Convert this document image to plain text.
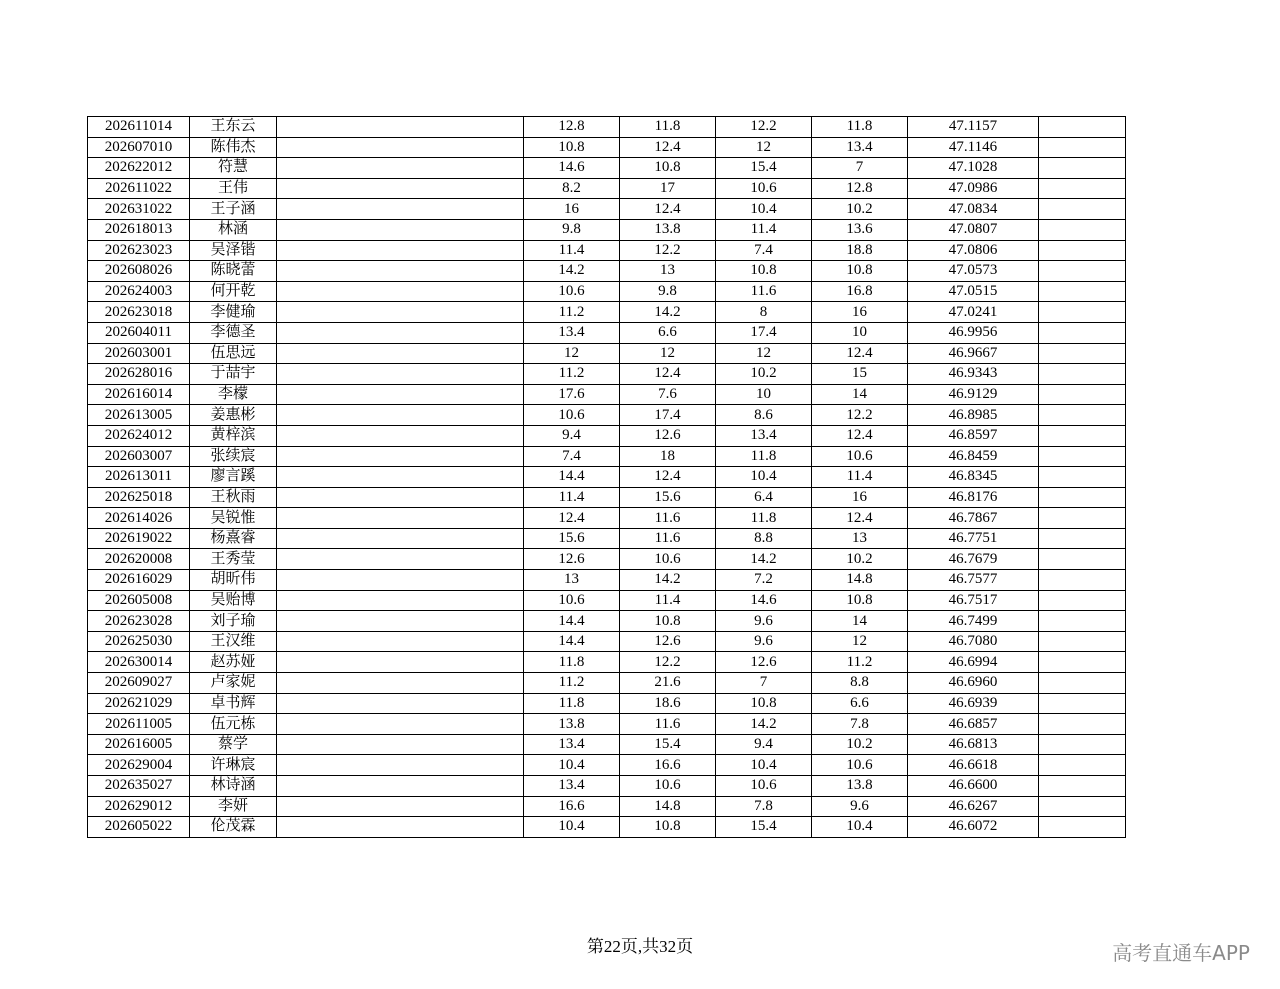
202611014	王东云		12.8	11.8	12.2	11.8	47.1157	
202607010	陈伟杰		10.8	12.4	12	13.4	47.1146	
202622012	符慧		14.6	10.8	15.4	7	47.1028	
202611022	王伟		8.2	17	10.6	12.8	47.0986	
202631022	王子涵		16	12.4	10.4	10.2	47.0834	
202618013	林涵		9.8	13.8	11.4	13.6	47.0807	
202623023	吴泽锴		11.4	12.2	7.4	18.8	47.0806	
202608026	陈晓蕾		14.2	13	10.8	10.8	47.0573	
202624003	何开乾		10.6	9.8	11.6	16.8	47.0515	
202623018	李健瑜		11.2	14.2	8	16	47.0241	
202604011	李德圣		13.4	6.6	17.4	10	46.9956	
202603001	伍思远		12	12	12	12.4	46.9667	
202628016	于喆宇		11.2	12.4	10.2	15	46.9343	
202616014	李檬		17.6	7.6	10	14	46.9129	
202613005	姜惠彬		10.6	17.4	8.6	12.2	46.8985	
202624012	黄梓滨		9.4	12.6	13.4	12.4	46.8597	
202603007	张续宸		7.4	18	11.8	10.6	46.8459	
202613011	廖言蹊		14.4	12.4	10.4	11.4	46.8345	
202625018	王秋雨		11.4	15.6	6.4	16	46.8176	
202614026	吴锐惟		12.4	11.6	11.8	12.4	46.7867	
202619022	杨熹睿		15.6	11.6	8.8	13	46.7751	
202620008	王秀莹		12.6	10.6	14.2	10.2	46.7679	
202616029	胡昕伟		13	14.2	7.2	14.8	46.7577	
202605008	吴贻博		10.6	11.4	14.6	10.8	46.7517	
202623028	刘子瑜		14.4	10.8	9.6	14	46.7499	
202625030	王汉维		14.4	12.6	9.6	12	46.7080	
202630014	赵苏娅		11.8	12.2	12.6	11.2	46.6994	
202609027	卢家妮		11.2	21.6	7	8.8	46.6960	
202621029	卓书辉		11.8	18.6	10.8	6.6	46.6939	
202611005	伍元栋		13.8	11.6	14.2	7.8	46.6857	
202616005	蔡学		13.4	15.4	9.4	10.2	46.6813	
202629004	许琳宸		10.4	16.6	10.4	10.6	46.6618	
202635027	林诗涵		13.4	10.6	10.6	13.8	46.6600	
202629012	李妍		16.6	14.8	7.8	9.6	46.6267	
202605022	伦茂霖		10.4	10.8	15.4	10.4	46.6072	
第22页,共32页	高考直通车APP
